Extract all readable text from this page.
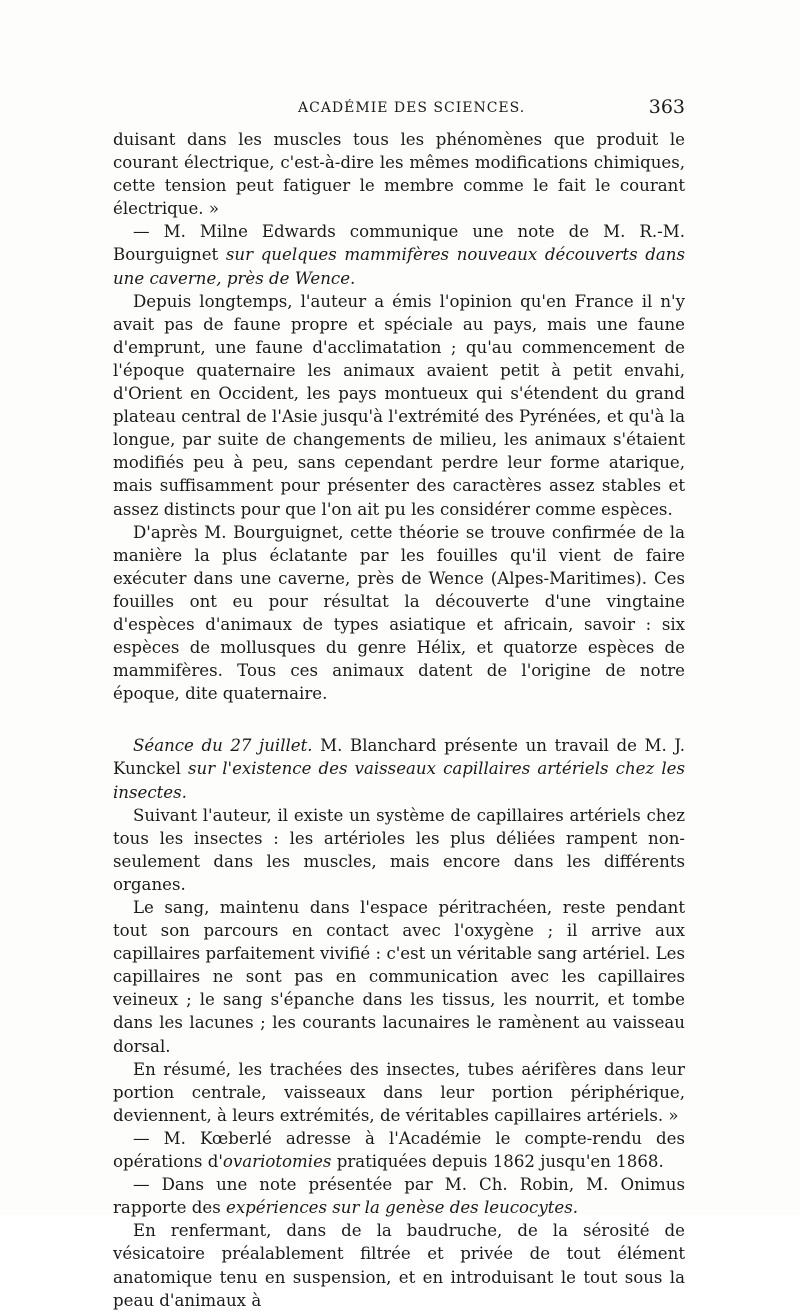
ACADÉMIE DES SCIENCES.	363

duisant dans les muscles tous les phénomènes que produit le courant électrique, c'est-à-dire les mêmes modifications chimiques, cette tension peut fatiguer le membre comme le fait le courant électrique. »

— M. Milne Edwards communique une note de M. R.-M. Bourguignet sur quelques mammifères nouveaux découverts dans une caverne, près de Wence.

Depuis longtemps, l'auteur a émis l'opinion qu'en France il n'y avait pas de faune propre et spéciale au pays, mais une faune d'emprunt, une faune d'acclimatation ; qu'au commencement de l'époque quaternaire les animaux avaient petit à petit envahi, d'Orient en Occident, les pays montueux qui s'étendent du grand plateau central de l'Asie jusqu'à l'extrémité des Pyrénées, et qu'à la longue, par suite de changements de milieu, les animaux s'étaient modifiés peu à peu, sans cependant perdre leur forme atarique, mais suffisamment pour présenter des caractères assez stables et assez distincts pour que l'on ait pu les considérer comme espèces.

D'après M. Bourguignet, cette théorie se trouve confirmée de la manière la plus éclatante par les fouilles qu'il vient de faire exécuter dans une caverne, près de Wence (Alpes-Maritimes). Ces fouilles ont eu pour résultat la découverte d'une vingtaine d'espèces d'animaux de types asiatique et africain, savoir : six espèces de mollusques du genre Hélix, et quatorze espèces de mammifères. Tous ces animaux datent de l'origine de notre époque, dite quaternaire.

Séance du 27 juillet. M. Blanchard présente un travail de M. J. Kunckel sur l'existence des vaisseaux capillaires artériels chez les insectes.

Suivant l'auteur, il existe un système de capillaires artériels chez tous les insectes : les artérioles les plus déliées rampent non-seulement dans les muscles, mais encore dans les différents organes.

Le sang, maintenu dans l'espace péritrachéen, reste pendant tout son parcours en contact avec l'oxygène ; il arrive aux capillaires parfaitement vivifié : c'est un véritable sang artériel. Les capillaires ne sont pas en communication avec les capillaires veineux ; le sang s'épanche dans les tissus, les nourrit, et tombe dans les lacunes ; les courants lacunaires le ramènent au vaisseau dorsal.

En résumé, les trachées des insectes, tubes aérifères dans leur portion centrale, vaisseaux dans leur portion périphérique, deviennent, à leurs extrémités, de véritables capillaires artériels. »

— M. Kœberlé adresse à l'Académie le compte-rendu des opérations d'ovariotomies pratiquées depuis 1862 jusqu'en 1868.

— Dans une note présentée par M. Ch. Robin, M. Onimus rapporte des expériences sur la genèse des leucocytes.

En renfermant, dans de la baudruche, de la sérosité de vésicatoire préalablement filtrée et privée de tout élément anatomique tenu en suspension, et en introduisant le tout sous la peau d'animaux à
